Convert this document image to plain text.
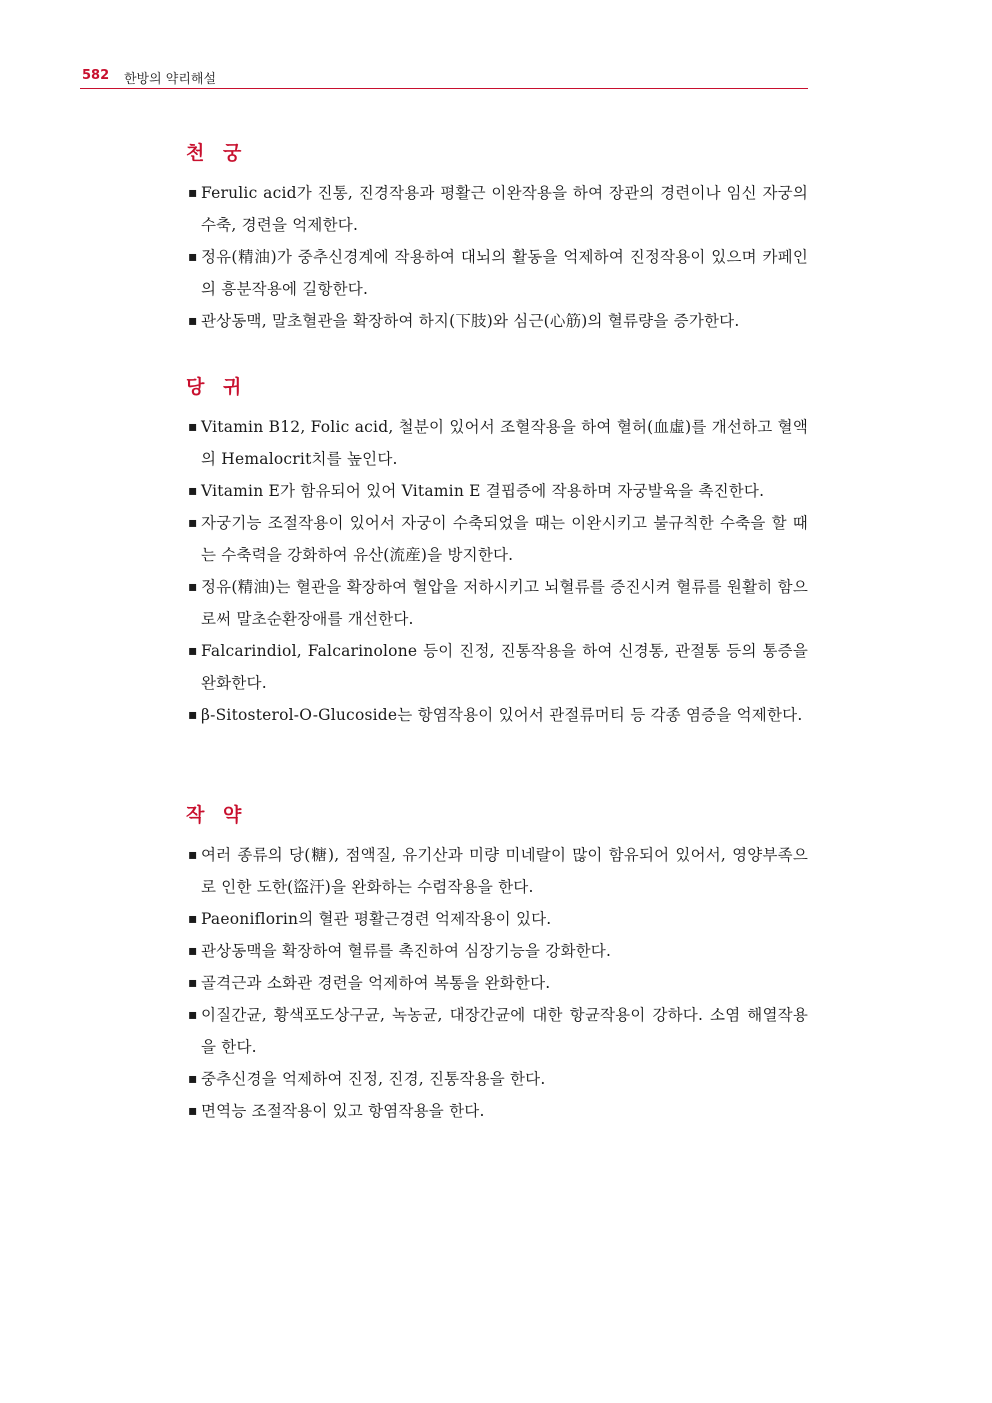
582 한방의 약리해설
천 궁
▪ Ferulic acid가 진통, 진경작용과 평활근 이완작용을 하여 장관의 경련이나 임신 자궁의 수축, 경련을 억제한다.
▪ 정유(精油)가 중추신경계에 작용하여 대뇌의 활동을 억제하여 진정작용이 있으며 카페인의 흥분작용에 길항한다.
▪ 관상동맥, 말초혈관을 확장하여 하지(下肢)와 심근(心筋)의 혈류량을 증가한다.
당 귀
▪ Vitamin B12, Folic acid, 철분이 있어서 조혈작용을 하여 혈허(血虛)를 개선하고 혈액의 Hemalocrit치를 높인다.
▪ Vitamin E가 함유되어 있어 Vitamin E 결핍증에 작용하며 자궁발육을 촉진한다.
▪ 자궁기능 조절작용이 있어서 자궁이 수축되었을 때는 이완시키고 불규칙한 수축을 할 때는 수축력을 강화하여 유산(流産)을 방지한다.
▪ 정유(精油)는 혈관을 확장하여 혈압을 저하시키고 뇌혈류를 증진시켜 혈류를 원활히 함으로써 말초순환장애를 개선한다.
▪ Falcarindiol, Falcarinolone 등이 진정, 진통작용을 하여 신경통, 관절통 등의 통증을 완화한다.
▪ β-Sitosterol-O-Glucoside는 항염작용이 있어서 관절류머티 등 각종 염증을 억제한다.
작 약
▪ 여러 종류의 당(糖), 점액질, 유기산과 미량 미네랄이 많이 함유되어 있어서, 영양부족으로 인한 도한(盜汗)을 완화하는 수렴작용을 한다.
▪ Paeoniflorin의 혈관 평활근경련 억제작용이 있다.
▪ 관상동맥을 확장하여 혈류를 촉진하여 심장기능을 강화한다.
▪ 골격근과 소화관 경련을 억제하여 복통을 완화한다.
▪ 이질간균, 황색포도상구균, 녹농균, 대장간균에 대한 항균작용이 강하다. 소염 해열작용을 한다.
▪ 중추신경을 억제하여 진정, 진경, 진통작용을 한다.
▪ 면역능 조절작용이 있고 항염작용을 한다.
